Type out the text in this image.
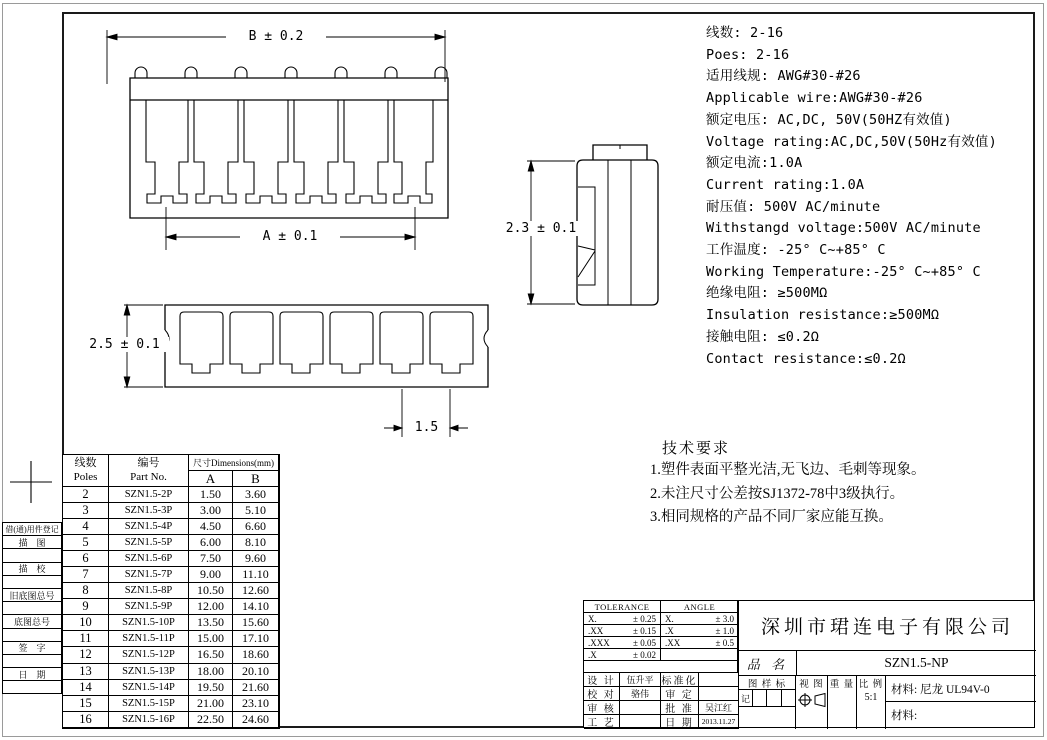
B ± 0.2
A ± 0.1
2.3 ± 0.1
2.5 ± 0.1
1.5
线数: 2-16
Poes: 2-16
适用线规: AWG#30-#26
Applicable wire:AWG#30-#26
额定电压: AC,DC, 50V(50HZ有效值)
Voltage rating:AC,DC,50V(50Hz有效值)
额定电流:1.0A
Current rating:1.0A
耐压值: 500V AC/minute
Withstangd voltage:500V AC/minute
工作温度: -25° C~+85° C
Working Temperature:-25° C~+85° C
绝缘电阻: ≥500MΩ
Insulation resistance:≥500MΩ
接触电阻: ≤0.2Ω
Contact resistance:≤0.2Ω
技术要求
1.塑件表面平整光洁,无飞边、毛刺等现象。
2.未注尺寸公差按SJ1372-78中3级执行。
3.相同规格的产品不同厂家应能互换。
线数
Poles
编号
Part No.
尺寸Dimensions(mm)
A	B
2	SZN1.5-2P	1.50	3.60
3	SZN1.5-3P	3.00	5.10
4	SZN1.5-4P	4.50	6.60
5	SZN1.5-5P	6.00	8.10
6	SZN1.5-6P	7.50	9.60
7	SZN1.5-7P	9.00	11.10
8	SZN1.5-8P	10.50	12.60
9	SZN1.5-9P	12.00	14.10
10	SZN1.5-10P	13.50	15.60
11	SZN1.5-11P	15.00	17.10
12	SZN1.5-12P	16.50	18.60
13	SZN1.5-13P	18.00	20.10
14	SZN1.5-14P	19.50	21.60
15	SZN1.5-15P	21.00	23.10
16	SZN1.5-16P	22.50	24.60
TOLERANCE	ANGLE
X.	± 0.25 X.	± 3.0
.XX	± 0.15 .X	± 1.0
.XXX	± 0.05 .XX	± 0.5
.X	± 0.02
设 计	伍升平 标准化
校 对	骆伟	审 定
审 核	批 准	吴江红
工 艺	日 期	2013.11.27
深圳市珺连电子有限公司
品 名	SZN1.5-NP
图 样 标
记
视 图 重 量 比 例
5:1
材料: 尼龙 UL94V-0
材料:
借(通)用件登记
描　图
描　校
旧底图总号
底图总号
签　字
日　期
